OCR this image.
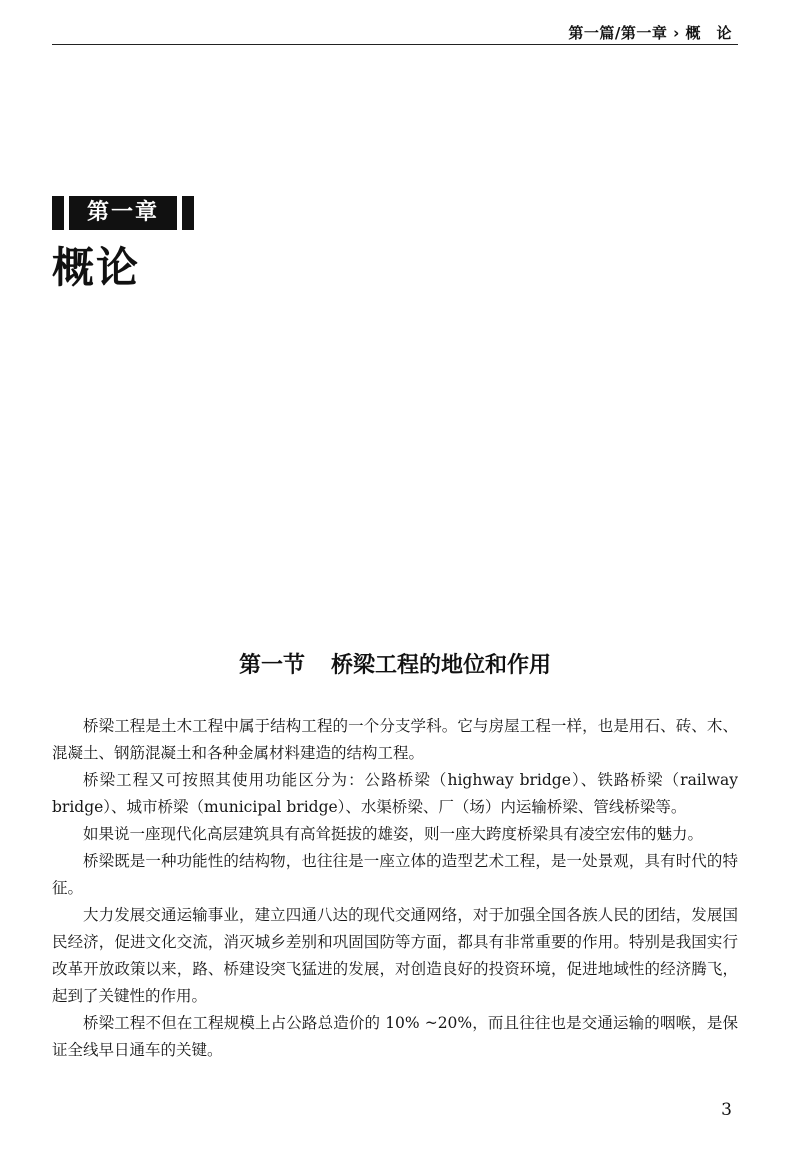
第一篇/第一章 › 概　论
第一章
概论
第一节 桥梁工程的地位和作用

桥梁工程是土木工程中属于结构工程的一个分支学科。它与房屋工程一样，也是用石、砖、木、混凝土、钢筋混凝土和各种金属材料建造的结构工程。

桥梁工程又可按照其使用功能区分为：公路桥梁（highway bridge）、铁路桥梁（railway bridge）、城市桥梁（municipal bridge）、水渠桥梁、厂（场）内运输桥梁、管线桥梁等。

如果说一座现代化高层建筑具有高耸挺拔的雄姿，则一座大跨度桥梁具有凌空宏伟的魅力。

桥梁既是一种功能性的结构物，也往往是一座立体的造型艺术工程，是一处景观，具有时代的特征。

大力发展交通运输事业，建立四通八达的现代交通网络，对于加强全国各族人民的团结，发展国民经济，促进文化交流，消灭城乡差别和巩固国防等方面，都具有非常重要的作用。特别是我国实行改革开放政策以来，路、桥建设突飞猛进的发展，对创造良好的投资环境，促进地域性的经济腾飞，起到了关键性的作用。

桥梁工程不但在工程规模上占公路总造价的 10% ~20%，而且往往也是交通运输的咽喉，是保证全线早日通车的关键。

3
